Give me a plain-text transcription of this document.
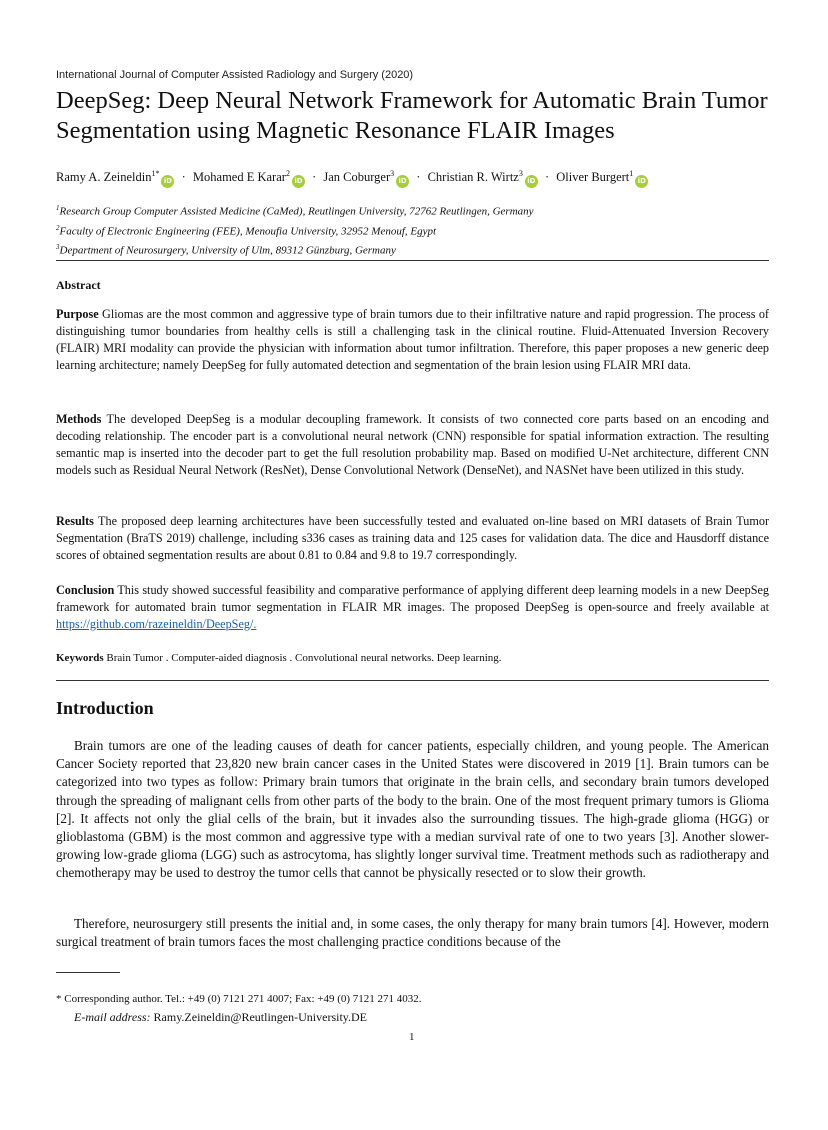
International Journal of Computer Assisted Radiology and Surgery (2020)
DeepSeg: Deep Neural Network Framework for Automatic Brain Tumor Segmentation using Magnetic Resonance FLAIR Images
Ramy A. Zeineldin$^{1*}$iD · Mohamed E Karar$^2$iD · Jan Coburger$^3$iD · Christian R. Wirtz$^3$iD · Oliver Burgert$^1$iD
$^1$Research Group Computer Assisted Medicine (CaMed), Reutlingen University, 72762 Reutlingen, Germany
$^2$Faculty of Electronic Engineering (FEE), Menoufia University, 32952 Menouf, Egypt
$^3$Department of Neurosurgery, University of Ulm, 89312 Günzburg, Germany
Abstract

Purpose Gliomas are the most common and aggressive type of brain tumors due to their infiltrative nature and rapid progression. The process of distinguishing tumor boundaries from healthy cells is still a challenging task in the clinical routine. Fluid-Attenuated Inversion Recovery (FLAIR) MRI modality can provide the physician with information about tumor infiltration. Therefore, this paper proposes a new generic deep learning architecture; namely DeepSeg for fully automated detection and segmentation of the brain lesion using FLAIR MRI data.

Methods The developed DeepSeg is a modular decoupling framework. It consists of two connected core parts based on an encoding and decoding relationship. The encoder part is a convolutional neural network (CNN) responsible for spatial information extraction. The resulting semantic map is inserted into the decoder part to get the full resolution probability map. Based on modified U-Net architecture, different CNN models such as Residual Neural Network (ResNet), Dense Convolutional Network (DenseNet), and NASNet have been utilized in this study.

Results The proposed deep learning architectures have been successfully tested and evaluated on-line based on MRI datasets of Brain Tumor Segmentation (BraTS 2019) challenge, including s336 cases as training data and 125 cases for validation data. The dice and Hausdorff distance scores of obtained segmentation results are about 0.81 to 0.84 and 9.8 to 19.7 correspondingly.

Conclusion This study showed successful feasibility and comparative performance of applying different deep learning models in a new DeepSeg framework for automated brain tumor segmentation in FLAIR MR images. The proposed DeepSeg is open-source and freely available at https://github.com/razeineldin/DeepSeg/.

Keywords Brain Tumor . Computer-aided diagnosis . Convolutional neural networks. Deep learning.
Introduction

Brain tumors are one of the leading causes of death for cancer patients, especially children, and young people. The American Cancer Society reported that 23,820 new brain cancer cases in the United States were discovered in 2019 [1]. Brain tumors can be categorized into two types as follow: Primary brain tumors that originate in the brain cells, and secondary brain tumors developed through the spreading of malignant cells from other parts of the body to the brain. One of the most frequent primary tumors is Glioma [2]. It affects not only the glial cells of the brain, but it invades also the surrounding tissues. The high-grade glioma (HGG) or glioblastoma (GBM) is the most common and aggressive type with a median survival rate of one to two years [3]. Another slower-growing low-grade glioma (LGG) such as astrocytoma, has slightly longer survival time. Treatment methods such as radiotherapy and chemotherapy may be used to destroy the tumor cells that cannot be physically resected or to slow their growth.

Therefore, neurosurgery still presents the initial and, in some cases, the only therapy for many brain tumors [4]. However, modern surgical treatment of brain tumors faces the most challenging practice conditions because of the

* Corresponding author. Tel.: +49 (0) 7121 271 4007; Fax: +49 (0) 7121 271 4032.
E-mail address: Ramy.Zeineldin@Reutlingen-University.DE
1
